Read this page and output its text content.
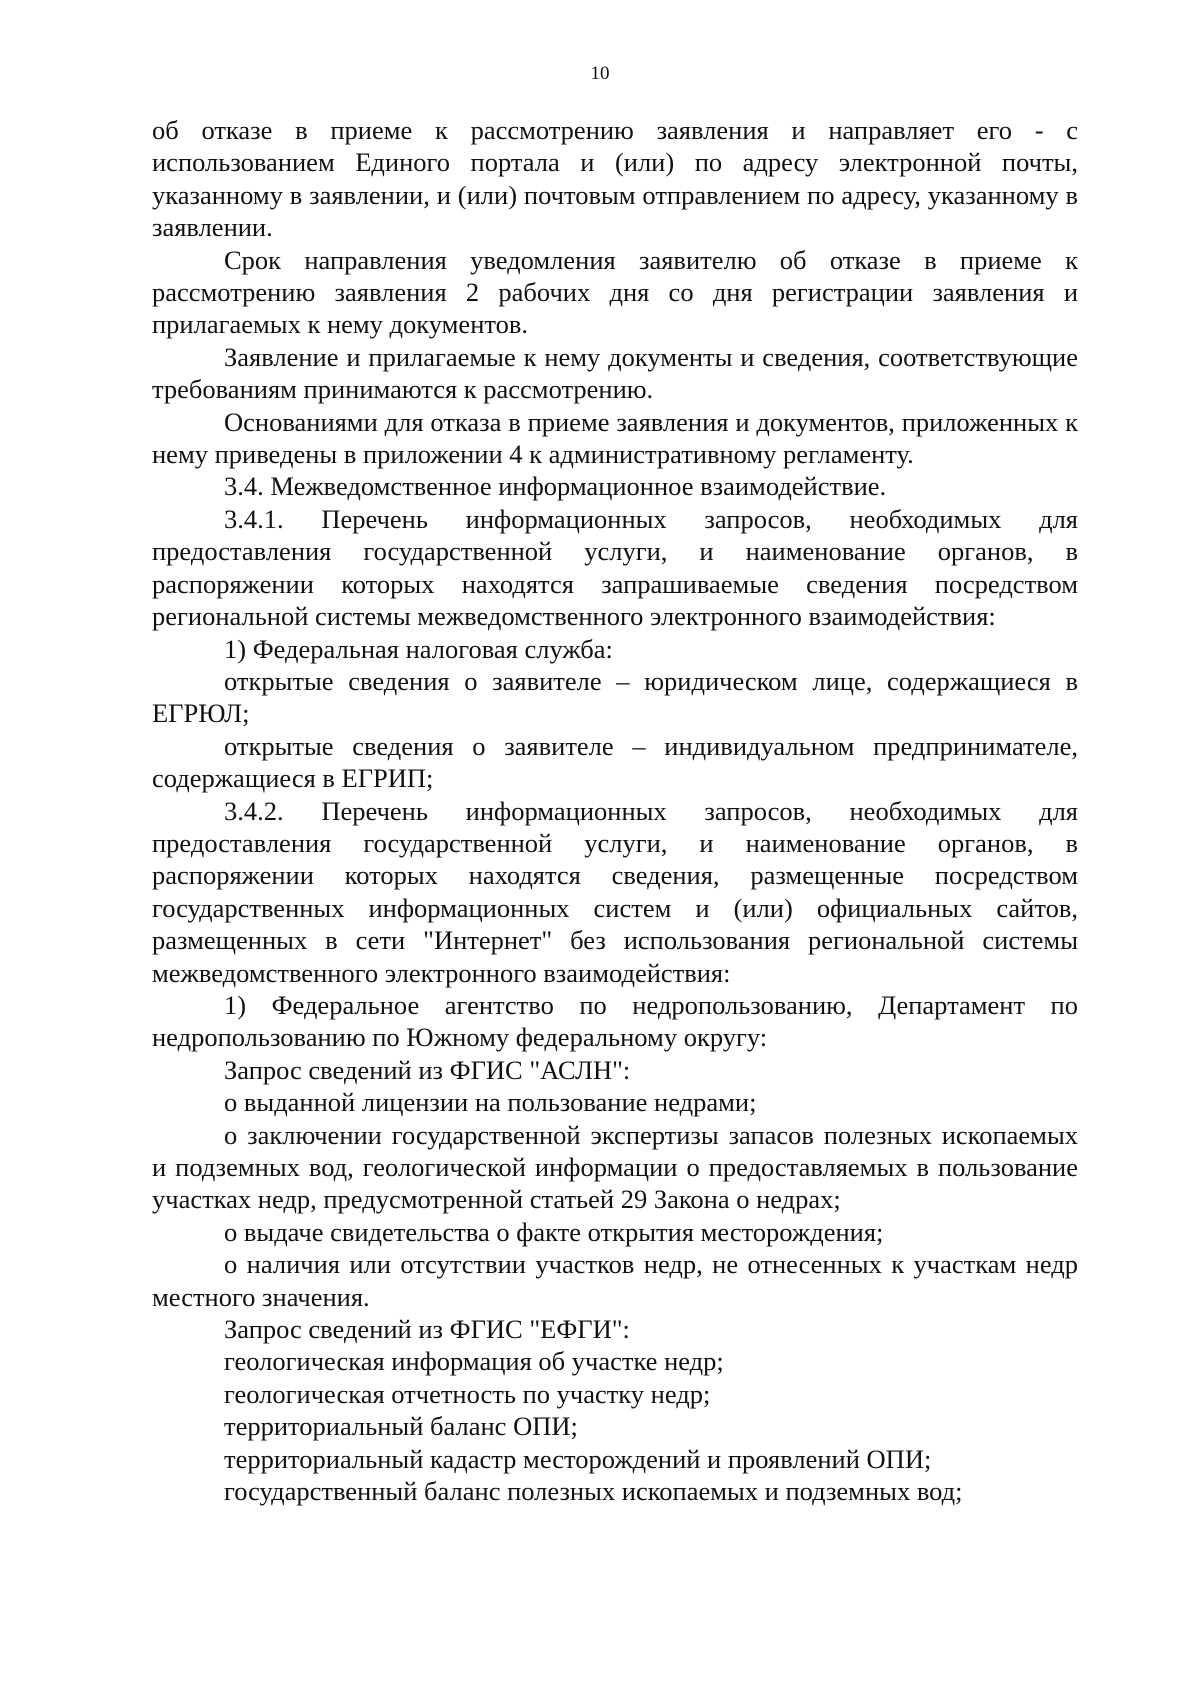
10

об отказе в приеме к рассмотрению заявления и направляет его - с использованием Единого портала и (или) по адресу электронной почты, указанному в заявлении, и (или) почтовым отправлением по адресу, указанному в заявлении.

Срок направления уведомления заявителю об отказе в приеме к рассмотрению заявления 2 рабочих дня со дня регистрации заявления и прилагаемых к нему документов.

Заявление и прилагаемые к нему документы и сведения, соответствующие требованиям принимаются к рассмотрению.

Основаниями для отказа в приеме заявления и документов, приложенных к нему приведены в приложении 4 к административному регламенту.

3.4. Межведомственное информационное взаимодействие.

3.4.1. Перечень информационных запросов, необходимых для предоставления государственной услуги, и наименование органов, в распоряжении которых находятся запрашиваемые сведения посредством региональной системы межведомственного электронного взаимодействия:

1) Федеральная налоговая служба:

открытые сведения о заявителе – юридическом лице, содержащиеся в ЕГРЮЛ;

открытые сведения о заявителе – индивидуальном предпринимателе, содержащиеся в ЕГРИП;

3.4.2. Перечень информационных запросов, необходимых для предоставления государственной услуги, и наименование органов, в распоряжении которых находятся сведения, размещенные посредством государственных информационных систем и (или) официальных сайтов, размещенных в сети "Интернет" без использования региональной системы межведомственного электронного взаимодействия:

1) Федеральное агентство по недропользованию, Департамент по недропользованию по Южному федеральному округу:

Запрос сведений из ФГИС "АСЛН":

о выданной лицензии на пользование недрами;

о заключении государственной экспертизы запасов полезных ископаемых и подземных вод, геологической информации о предоставляемых в пользование участках недр, предусмотренной статьей 29 Закона о недрах;

о выдаче свидетельства о факте открытия месторождения;

о наличия или отсутствии участков недр, не отнесенных к участкам недр местного значения.

Запрос сведений из ФГИС "ЕФГИ":

геологическая информация об участке недр;

геологическая отчетность по участку недр;

территориальный баланс ОПИ;

территориальный кадастр месторождений и проявлений ОПИ;

государственный баланс полезных ископаемых и подземных вод;
